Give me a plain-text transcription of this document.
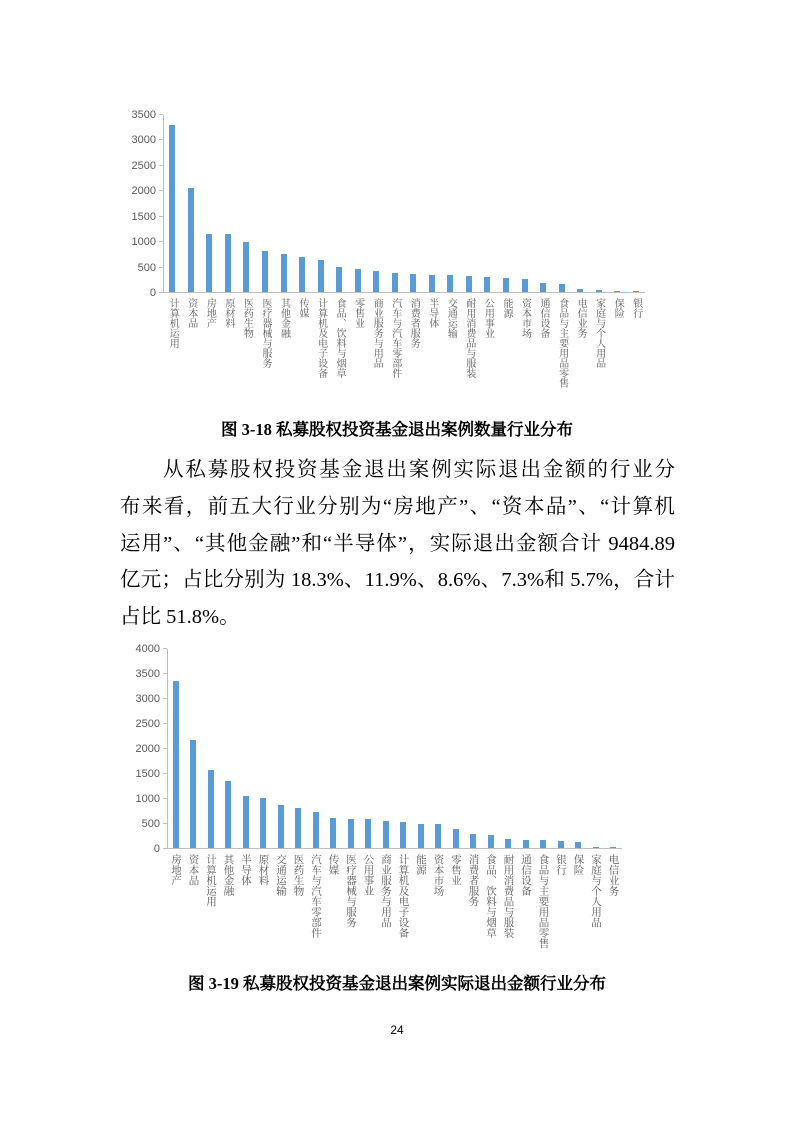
计算机运用 资本品 房地产 原材料 医药生物 医疗器械与服务 其他金融 传媒 计算机及电子设备 食品、饮料与烟草 零售业 商业服务与用品 汽车与汽车零部件 消费者服务 半导体 交通运输 耐用消费品与服装 公用事业 能源 资本市场 通信设备 食品与主要用品零售 电信业务 家庭与个人用品 保险 银行
0
500
1000
1500
2000
2500
3000
3500
图 3-18 私募股权投资基金退出案例数量行业分布
从私募股权投资基金退出案例实际退出金额的行业分
布来看，前五大行业分别为“房地产”、“资本品”、“计算机
运用”、“其他金融”和“半导体”，实际退出金额合计 9484.89
亿元；占比分别为 18.3%、11.9%、8.6%、7.3%和 5.7%，合计
占比 51.8%。
房地产 资本品 计算机运用 其他金融 半导体 原材料 交通运输 医药生物 汽车与汽车零部件 传媒 医疗器械与服务 公用事业 商业服务与用品 计算机及电子设备 能源 资本市场 零售业 消费者服务 食品、饮料与烟草 耐用消费品与服装 通信设备 食品与主要用品零售 银行 保险 家庭与个人用品 电信业务
0
500
1000
1500
2000
2500
3000
3500
4000
图 3-19 私募股权投资基金退出案例实际退出金额行业分布
24
